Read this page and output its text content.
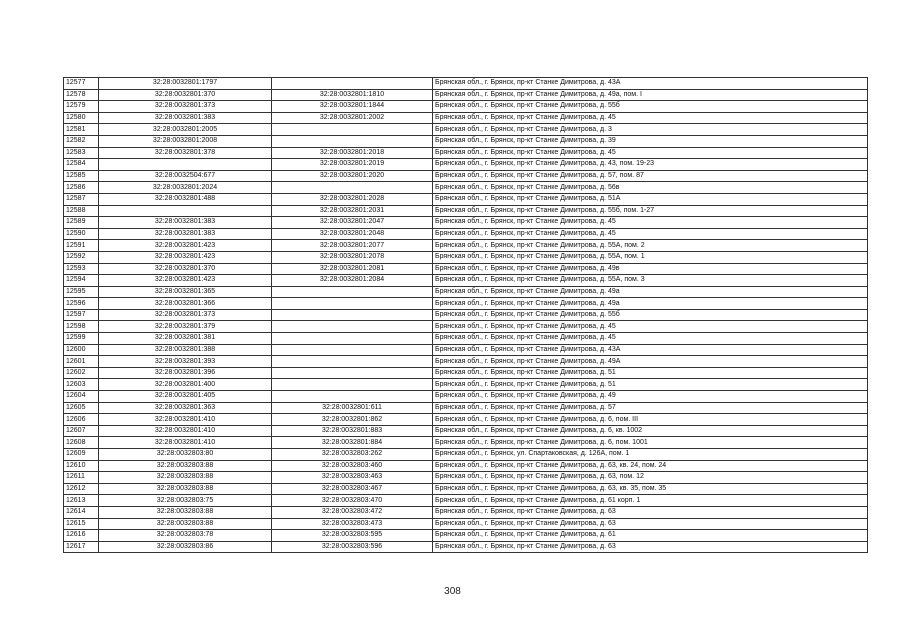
12577	32:28:0032801:1797		Брянская обл., г. Брянск, пр-кт Станке Димитрова, д. 43А
12578	32:28:0032801:370	32:28:0032801:1810	Брянская обл., г. Брянск, пр-кт Станке Димитрова, д. 49а, пом. I
12579	32:28:0032801:373	32:28:0032801:1844	Брянская обл., г. Брянск, пр-кт Станке Димитрова, д. 55б
12580	32:28:0032801:383	32:28:0032801:2002	Брянская обл., г. Брянск, пр-кт Станке Димитрова, д. 45
12581	32:28:0032801:2005		Брянская обл., г. Брянск, пр-кт Станке Димитрова, д. 3
12582	32:28:0032801:2008		Брянская обл., г. Брянск, пр-кт Станке Димитрова, д. 39
12583	32:28:0032801:378	32:28:0032801:2018	Брянская обл., г. Брянск, пр-кт Станке Димитрова, д. 45
12584		32:28:0032801:2019	Брянская обл., г. Брянск, пр-кт Станке Димитрова, д. 43, пом. 19-23
12585	32:28:0032504:677	32:28:0032801:2020	Брянская обл., г. Брянск, пр-кт Станке Димитрова, д. 57, пом. 87
12586	32:28:0032801:2024		Брянская обл., г. Брянск, пр-кт Станке Димитрова, д. 56в
12587	32:28:0032801:488	32:28:0032801:2028	Брянская обл., г. Брянск, пр-кт Станке Димитрова, д. 51А
12588		32:28:0032801:2031	Брянская обл., г. Брянск, пр-кт Станке Димитрова, д. 55б, пом. 1-27
12589	32:28:0032801:383	32:28:0032801:2047	Брянская обл., г. Брянск, пр-кт Станке Димитрова, д. 45
12590	32:28:0032801:383	32:28:0032801:2048	Брянская обл., г. Брянск, пр-кт Станке Димитрова, д. 45
12591	32:28:0032801:423	32:28:0032801:2077	Брянская обл., г. Брянск, пр-кт Станке Димитрова, д. 55А, пом. 2
12592	32:28:0032801:423	32:28:0032801:2078	Брянская обл., г. Брянск, пр-кт Станке Димитрова, д. 55А, пом. 1
12593	32:28:0032801:370	32:28:0032801:2081	Брянская обл., г. Брянск, пр-кт Станке Димитрова, д. 49в
12594	32:28:0032801:423	32:28:0032801:2084	Брянская обл., г. Брянск, пр-кт Станке Димитрова, д. 55А, пом. 3
12595	32:28:0032801:365		Брянская обл., г. Брянск, пр-кт Станке Димитрова, д. 49а
12596	32:28:0032801:366		Брянская обл., г. Брянск, пр-кт Станке Димитрова, д. 49а
12597	32:28:0032801:373		Брянская обл., г. Брянск, пр-кт Станке Димитрова, д. 55б
12598	32:28:0032801:379		Брянская обл., г. Брянск, пр-кт Станке Димитрова, д. 45
12599	32:28:0032801:381		Брянская обл., г. Брянск, пр-кт Станке Димитрова, д. 45
12600	32:28:0032801:388		Брянская обл., г. Брянск, пр-кт Станке Димитрова, д. 43А
12601	32:28:0032801:393		Брянская обл., г. Брянск, пр-кт Станке Димитрова, д. 49А
12602	32:28:0032801:396		Брянская обл., г. Брянск, пр-кт Станке Димитрова, д. 51
12603	32:28:0032801:400		Брянская обл., г. Брянск, пр-кт Станке Димитрова, д. 51
12604	32:28:0032801:405		Брянская обл., г. Брянск, пр-кт Станке Димитрова, д. 49
12605	32:28:0032801:363	32:28:0032801:611	Брянская обл., г. Брянск, пр-кт Станке Димитрова, д. 57
12606	32:28:0032801:410	32:28:0032801:862	Брянская обл., г. Брянск, пр-кт Станке Димитрова, д. 6, пом. III
12607	32:28:0032801:410	32:28:0032801:883	Брянская обл., г. Брянск, пр-кт Станке Димитрова, д. 6, кв. 1002
12608	32:28:0032801:410	32:28:0032801:884	Брянская обл., г. Брянск, пр-кт Станке Димитрова, д. 6, пом. 1001
12609	32:28:0032803:80	32:28:0032803:262	Брянская обл., г. Брянск, ул. Спартаковская, д. 126А, пом. 1
12610	32:28:0032803:88	32:28:0032803:460	Брянская обл., г. Брянск, пр-кт Станке Димитрова, д. 63, кв. 24, пом. 24
12611	32:28:0032803:88	32:28:0032803:463	Брянская обл., г. Брянск, пр-кт Станке Димитрова, д. 63, пом. 12
12612	32:28:0032803:88	32:28:0032803:467	Брянская обл., г. Брянск, пр-кт Станке Димитрова, д. 63, кв. 35, пом. 35
12613	32:28:0032803:75	32:28:0032803:470	Брянская обл., г. Брянск, пр-кт Станке Димитрова, д. 61 корп. 1
12614	32:28:0032803:88	32:28:0032803:472	Брянская обл., г. Брянск, пр-кт Станке Димитрова, д. 63
12615	32:28:0032803:88	32:28:0032803:473	Брянская обл., г. Брянск, пр-кт Станке Димитрова, д. 63
12616	32:28:0032803:78	32:28:0032803:595	Брянская обл., г. Брянск, пр-кт Станке Димитрова, д. 61
12617	32:28:0032803:86	32:28:0032803:596	Брянская обл., г. Брянск, пр-кт Станке Димитрова, д. 63
308
